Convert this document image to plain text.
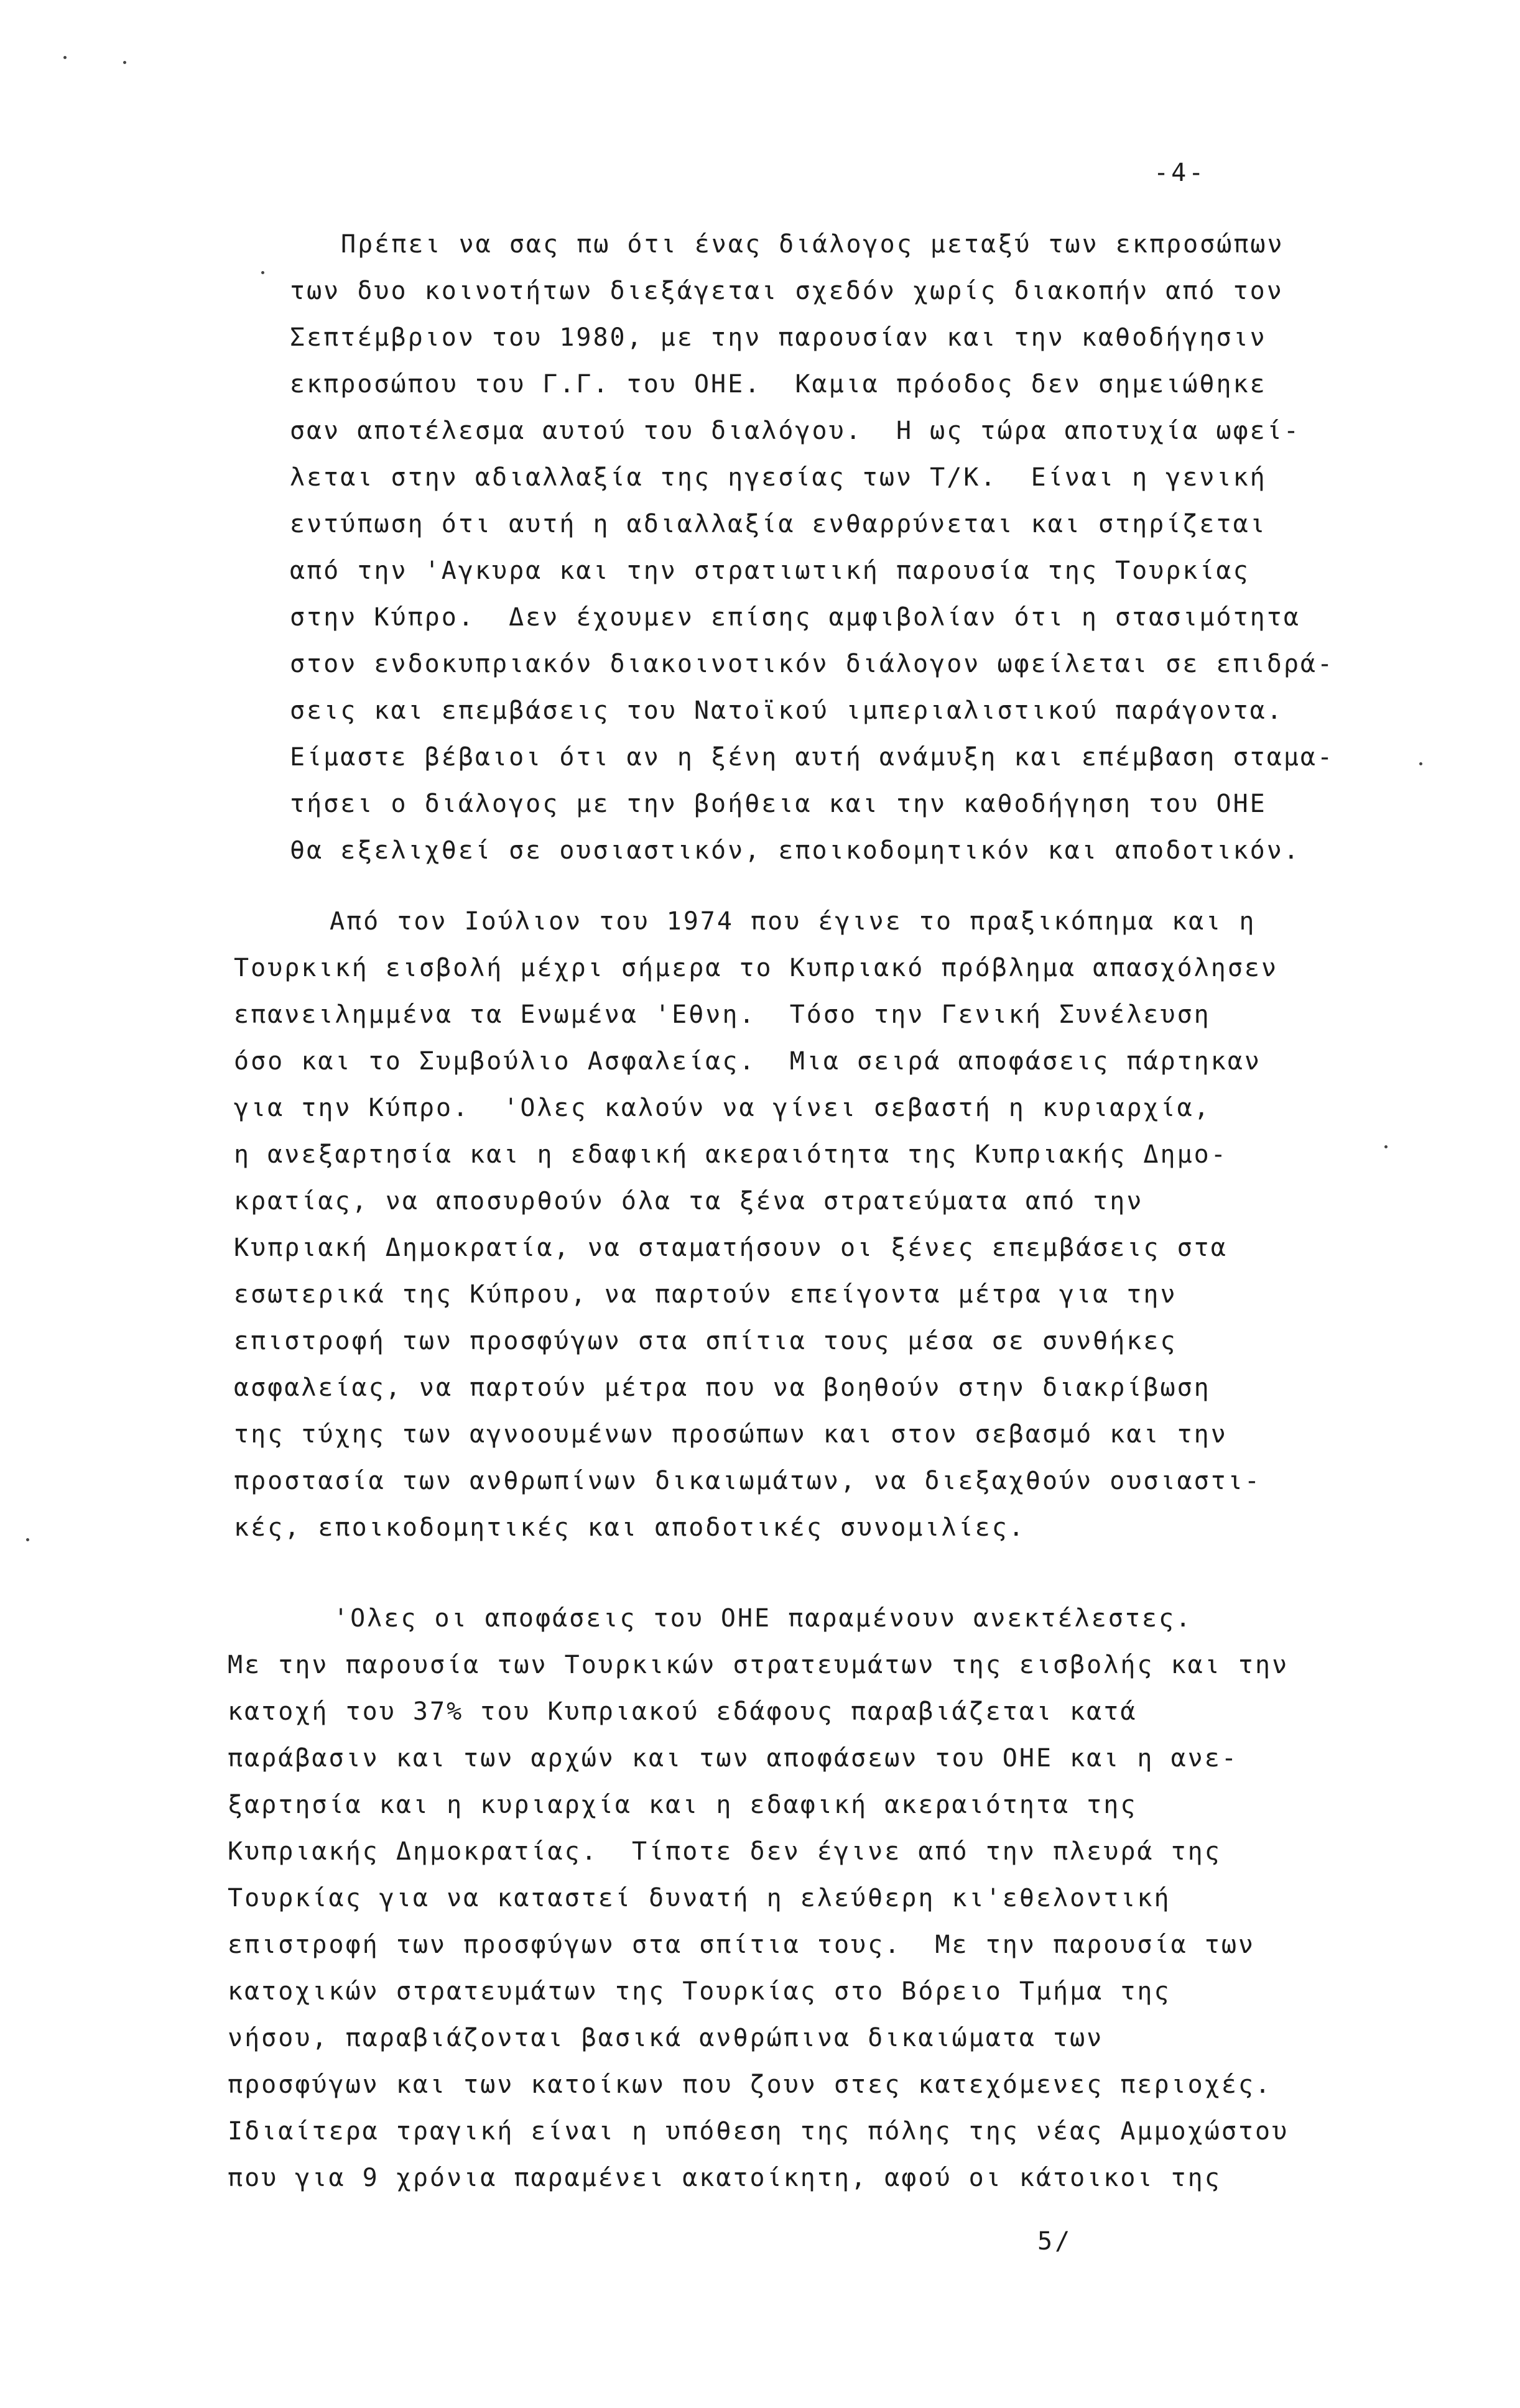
-4-
Πρέπει να σας πω ότι ένας διάλογος μεταξύ των εκπροσώπων
των δυο κοινοτήτων διεξάγεται σχεδόν χωρίς διακοπήν από τον
Σεπτέμβριον του 1980, με την παρουσίαν και την καθοδήγησιν
εκπροσώπου του Γ.Γ. του ΟΗΕ.  Καμια πρόοδος δεν σημειώθηκε
σαν αποτέλεσμα αυτού του διαλόγου.  Η ως τώρα αποτυχία ωφεί-
λεται στην αδιαλλαξία της ηγεσίας των Τ/Κ.  Είναι η γενική
εντύπωση ότι αυτή η αδιαλλαξία ενθαρρύνεται και στηρίζεται
από την 'Αγκυρα και την στρατιωτική παρουσία της Τουρκίας
στην Κύπρο.  Δεν έχουμεν επίσης αμφιβολίαν ότι η στασιμότητα
στον ενδοκυπριακόν διακοινοτικόν διάλογον ωφείλεται σε επιδρά-
σεις και επεμβάσεις του Νατοϊκού ιμπεριαλιστικού παράγοντα.
Είμαστε βέβαιοι ότι αν η ξένη αυτή ανάμυξη και επέμβαση σταμα-
τήσει ο διάλογος με την βοήθεια και την καθοδήγηση του ΟΗΕ
θα εξελιχθεί σε ουσιαστικόν, εποικοδομητικόν και αποδοτικόν.
Από τον Ιούλιον του 1974 που έγινε το πραξικόπημα και η
Τουρκική εισβολή μέχρι σήμερα το Κυπριακό πρόβλημα απασχόλησεν
επανειλημμένα τα Ενωμένα 'Εθνη.  Τόσο την Γενική Συνέλευση
όσο και το Συμβούλιο Ασφαλείας.  Μια σειρά αποφάσεις πάρτηκαν
για την Κύπρο.  'Ολες καλούν να γίνει σεβαστή η κυριαρχία,
η ανεξαρτησία και η εδαφική ακεραιότητα της Κυπριακής Δημο-
κρατίας, να αποσυρθούν όλα τα ξένα στρατεύματα από την
Κυπριακή Δημοκρατία, να σταματήσουν οι ξένες επεμβάσεις στα
εσωτερικά της Κύπρου, να παρτούν επείγοντα μέτρα για την
επιστροφή των προσφύγων στα σπίτια τους μέσα σε συνθήκες
ασφαλείας, να παρτούν μέτρα που να βοηθούν στην διακρίβωση
της τύχης των αγνοουμένων προσώπων και στον σεβασμό και την
προστασία των ανθρωπίνων δικαιωμάτων, να διεξαχθούν ουσιαστι-
κές, εποικοδομητικές και αποδοτικές συνομιλίες.
'Ολες οι αποφάσεις του ΟΗΕ παραμένουν ανεκτέλεστες.
Με την παρουσία των Τουρκικών στρατευμάτων της εισβολής και την
κατοχή του 37% του Κυπριακού εδάφους παραβιάζεται κατά
παράβασιν και των αρχών και των αποφάσεων του ΟΗΕ και η ανε-
ξαρτησία και η κυριαρχία και η εδαφική ακεραιότητα της
Κυπριακής Δημοκρατίας.  Τίποτε δεν έγινε από την πλευρά της
Τουρκίας για να καταστεί δυνατή η ελεύθερη κι'εθελοντική
επιστροφή των προσφύγων στα σπίτια τους.  Με την παρουσία των
κατοχικών στρατευμάτων της Τουρκίας στο Βόρειο Τμήμα της
νήσου, παραβιάζονται βασικά ανθρώπινα δικαιώματα των
προσφύγων και των κατοίκων που ζουν στες κατεχόμενες περιοχές.
Ιδιαίτερα τραγική είναι η υπόθεση της πόλης της νέας Αμμοχώστου
που για 9 χρόνια παραμένει ακατοίκητη, αφού οι κάτοικοι της
5/
